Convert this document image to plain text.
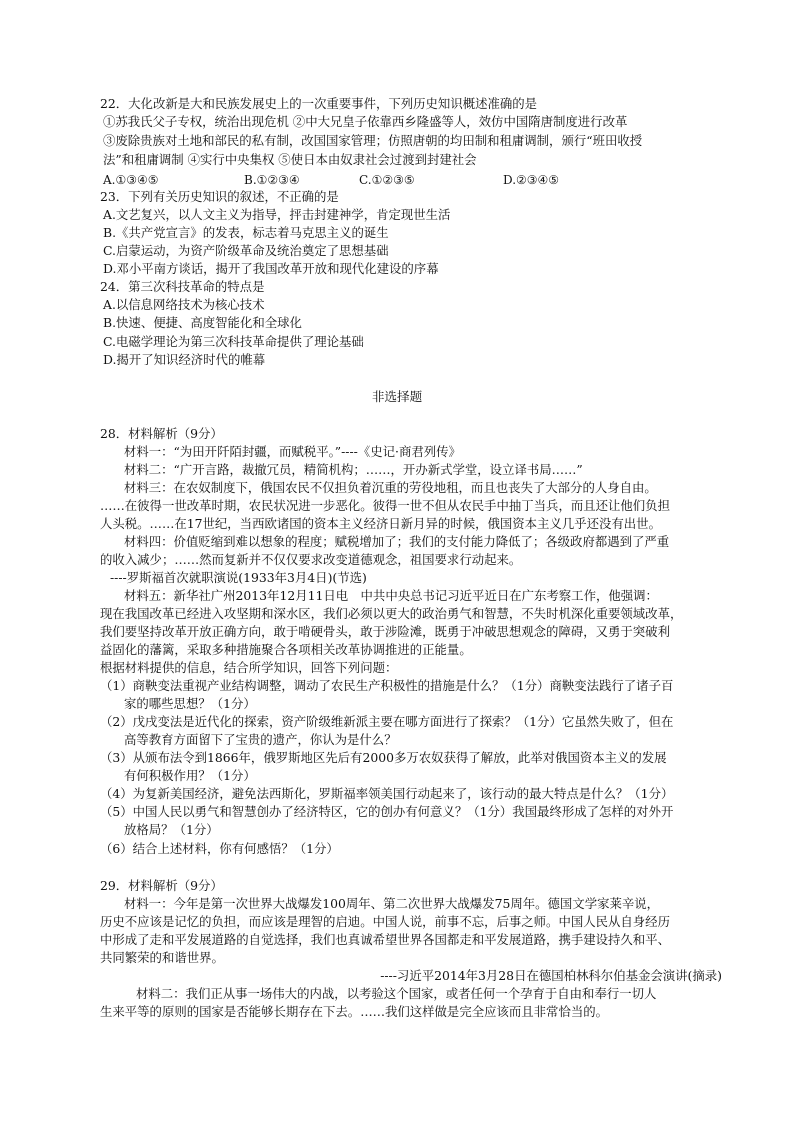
22．大化改新是大和民族发展史上的一次重要事件，下列历史知识概述准确的是
①苏我氏父子专权，统治出现危机 ②中大兄皇子依靠西乡隆盛等人，效仿中国隋唐制度进行改革
③废除贵族对土地和部民的私有制，改国国家管理；仿照唐朝的均田制和租庸调制，颁行“班田收授
法”和租庸调制 ④实行中央集权 ⑤使日本由奴隶社会过渡到封建社会
A.①③④⑤	B.①②③④	C.①②③⑤	D.②③④⑤
23．下列有关历史知识的叙述，不正确的是
A.文艺复兴，以人文主义为指导，抨击封建神学，肯定现世生活
B.《共产党宣言》的发表，标志着马克思主义的诞生
C.启蒙运动，为资产阶级革命及统治奠定了思想基础
D.邓小平南方谈话，揭开了我国改革开放和现代化建设的序幕
24．第三次科技革命的特点是
A.以信息网络技术为核心技术
B.快速、便捷、高度智能化和全球化
C.电磁学理论为第三次科技革命提供了理论基础
D.揭开了知识经济时代的帷幕
非选择题
28．材料解析（9分）
材料一：“为田开阡陌封疆，而赋税平。”----《史记·商君列传》
材料二：“广开言路，裁撤冗员，精简机构；……，开办新式学堂，设立译书局……”
材料三：在农奴制度下，俄国农民不仅担负着沉重的劳役地租，而且也丧失了大部分的人身自由。
……在彼得一世改革时期，农民状况进一步恶化。彼得一世不但从农民手中抽丁当兵，而且还让他们负担
人头税。……在17世纪，当西欧诸国的资本主义经济日新月异的时候，俄国资本主义几乎还没有出世。
材料四：价值贬缩到难以想象的程度；赋税增加了；我们的支付能力降低了；各级政府都遇到了严重
的收入减少；……然而复新并不仅仅要求改变道德观念，祖国要求行动起来。
----罗斯福首次就职演说(1933年3月4日)(节选)
材料五：新华社广州2013年12月11日电　中共中央总书记习近平近日在广东考察工作，他强调：
现在我国改革已经进入攻坚期和深水区，我们必须以更大的政治勇气和智慧，不失时机深化重要领域改革，
我们要坚持改革开放正确方向，敢于啃硬骨头，敢于涉险滩，既勇于冲破思想观念的障碍，又勇于突破利
益固化的藩篱，采取多种措施聚合各项相关改革协调推进的正能量。
根据材料提供的信息，结合所学知识，回答下列问题：
（1）商鞅变法重视产业结构调整，调动了农民生产积极性的措施是什么？（1分）商鞅变法践行了诸子百
家的哪些思想？（1分）
（2）戊戌变法是近代化的探索，资产阶级维新派主要在哪方面进行了探索？（1分）它虽然失败了，但在
高等教育方面留下了宝贵的遗产，你认为是什么？
（3）从颁布法令到1866年，俄罗斯地区先后有2000多万农奴获得了解放，此举对俄国资本主义的发展
有何积极作用？（1分）
（4）为复新美国经济，避免法西斯化，罗斯福率领美国行动起来了，该行动的最大特点是什么？（1分）
（5）中国人民以勇气和智慧创办了经济特区，它的创办有何意义？（1分）我国最终形成了怎样的对外开
放格局？（1分）
（6）结合上述材料，你有何感悟？（1分）
29．材料解析（9分）
材料一：今年是第一次世界大战爆发100周年、第二次世界大战爆发75周年。德国文学家莱辛说，
历史不应该是记忆的负担，而应该是理智的启迪。中国人说，前事不忘，后事之师。中国人民从自身经历
中形成了走和平发展道路的自觉选择，我们也真诚希望世界各国都走和平发展道路，携手建设持久和平、
共同繁荣的和谐世界。
----习近平2014年3月28日在德国柏林科尔伯基金会演讲(摘录)
材料二：我们正从事一场伟大的内战，以考验这个国家，或者任何一个孕育于自由和奉行一切人
生来平等的原则的国家是否能够长期存在下去。……我们这样做是完全应该而且非常恰当的。
